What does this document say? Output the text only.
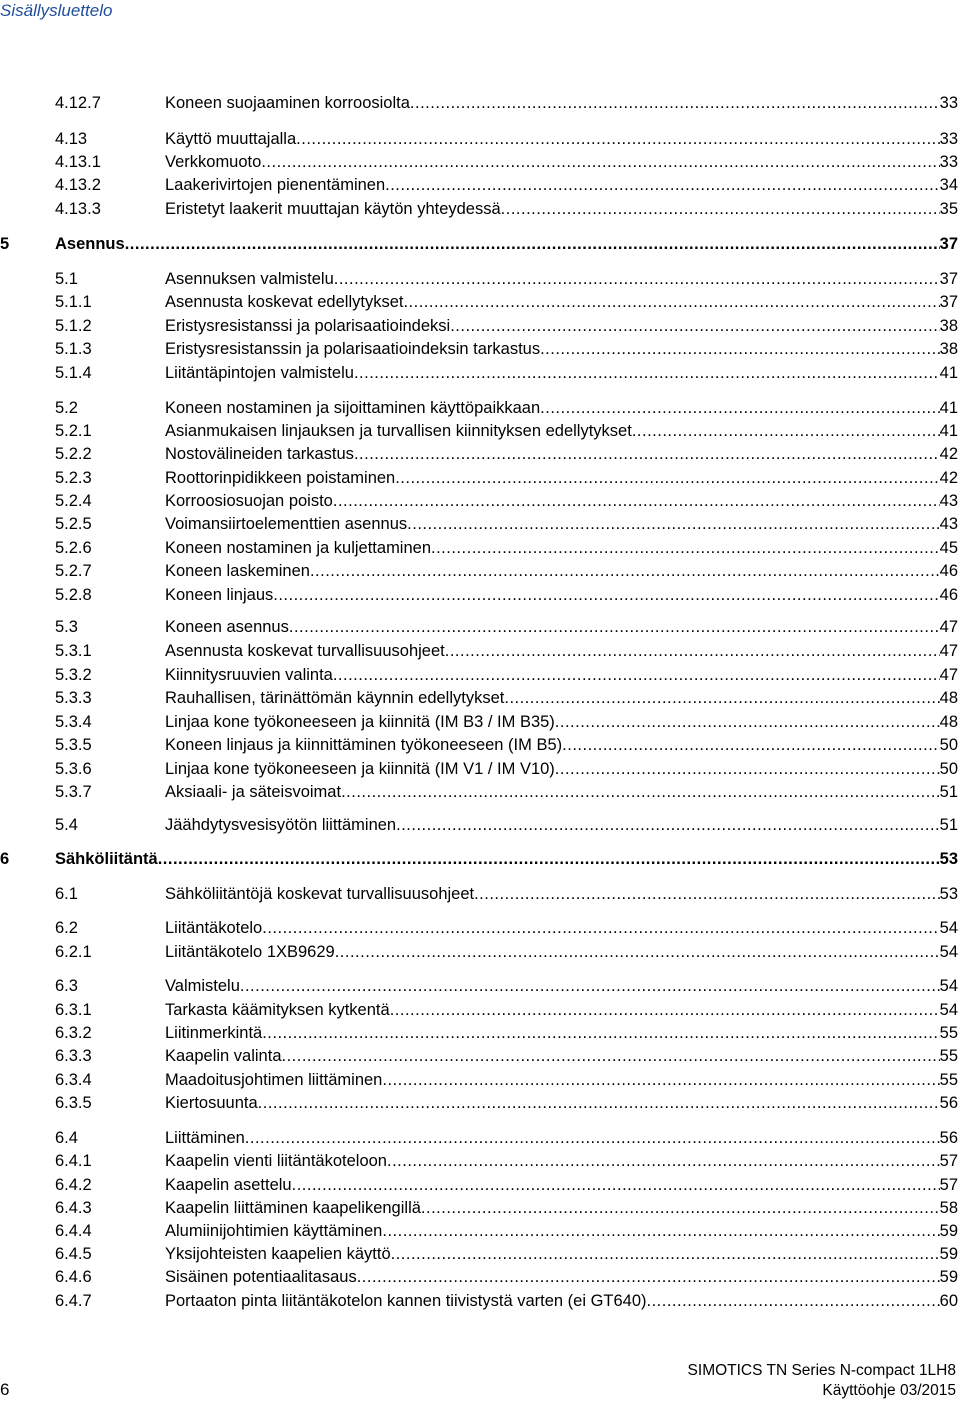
Sisällysluettelo
4.12.7	Koneen suojaaminen korroosiolta .....	33
4.13	Käyttö muuttajalla .....	33
4.13.1	Verkkomuoto .....	33
4.13.2	Laakerivirtojen pienentäminen .....	34
4.13.3	Eristetyt laakerit muuttajan käytön yhteydessä .....	35
5	Asennus .....	37
5.1	Asennuksen valmistelu .....	37
5.1.1	Asennusta koskevat edellytykset .....	37
5.1.2	Eristysresistanssi ja polarisaatioindeksi .....	38
5.1.3	Eristysresistanssin ja polarisaatioindeksin tarkastus .....	38
5.1.4	Liitäntäpintojen valmistelu .....	41
5.2	Koneen nostaminen ja sijoittaminen käyttöpaikkaan .....	41
5.2.1	Asianmukaisen linjauksen ja turvallisen kiinnityksen edellytykset .....	41
5.2.2	Nostovälineiden tarkastus .....	42
5.2.3	Roottorinpidikkeen poistaminen .....	42
5.2.4	Korroosiosuojan poisto .....	43
5.2.5	Voimansiirtoelementtien asennus .....	43
5.2.6	Koneen nostaminen ja kuljettaminen .....	45
5.2.7	Koneen laskeminen .....	46
5.2.8	Koneen linjaus .....	46
5.3	Koneen asennus .....	47
5.3.1	Asennusta koskevat turvallisuusohjeet .....	47
5.3.2	Kiinnitysruuvien valinta .....	47
5.3.3	Rauhallisen, tärinättömän käynnin edellytykset .....	48
5.3.4	Linjaa kone työkoneeseen ja kiinnitä (IM B3 / IM B35) .....	48
5.3.5	Koneen linjaus ja kiinnittäminen työkoneeseen (IM B5) .....	50
5.3.6	Linjaa kone työkoneeseen ja kiinnitä (IM V1 / IM V10) .....	50
5.3.7	Aksiaali- ja säteisvoimat .....	51
5.4	Jäähdytysvesisyötön liittäminen .....	51
6	Sähköliitäntä .....	53
6.1	Sähköliitäntöjä koskevat turvallisuusohjeet .....	53
6.2	Liitäntäkotelo .....	54
6.2.1	Liitäntäkotelo 1XB9629 .....	54
6.3	Valmistelu .....	54
6.3.1	Tarkasta käämityksen kytkentä .....	54
6.3.2	Liitinmerkintä .....	55
6.3.3	Kaapelin valinta .....	55
6.3.4	Maadoitusjohtimen liittäminen .....	55
6.3.5	Kiertosuunta .....	56
6.4	Liittäminen .....	56
6.4.1	Kaapelin vienti liitäntäkoteloon .....	57
6.4.2	Kaapelin asettelu .....	57
6.4.3	Kaapelin liittäminen kaapelikengillä .....	58
6.4.4	Alumiinijohtimien käyttäminen .....	59
6.4.5	Yksijohteisten kaapelien käyttö .....	59
6.4.6	Sisäinen potentiaalitasaus .....	59
6.4.7	Portaaton pinta liitäntäkotelon kannen tiivistystä varten (ei GT640) .....	60
6
SIMOTICS TN Series N-compact 1LH8
Käyttöohje 03/2015
